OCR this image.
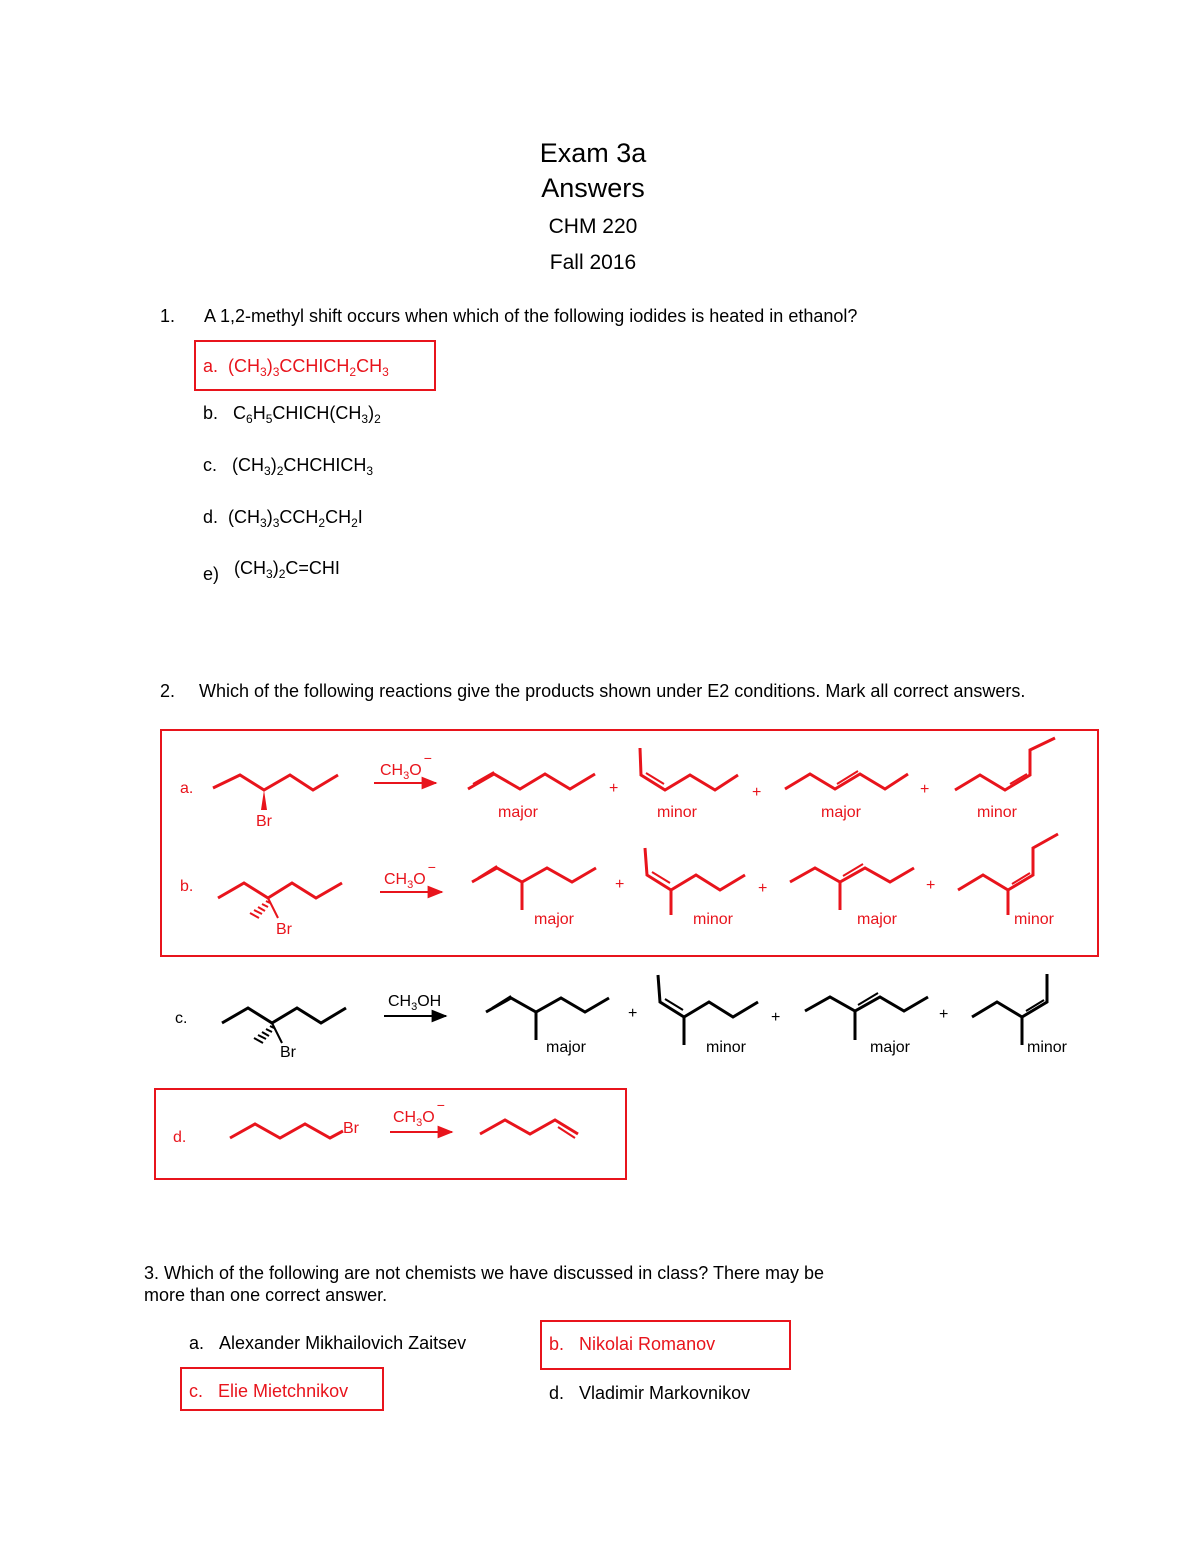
Exam 3a
Answers
CHM 220
Fall 2016
1. A 1,2-methyl shift occurs when which of the following iodides is heated in ethanol?
a. $(CH_3)_3CCHICH_2CH_3$
b. $C_6H_5CHICH(CH_3)_2$
c. $(CH_3)_2CHCHICH_3$
d. $(CH_3)_3CCH_2CH_2I$
e) $(CH_3)_2C=CHI$
2. Which of the following reactions give the products shown under E2 conditions. Mark all correct answers.
a.
Br
$CH_3O-$
major	minor	major	minor
+	+	+
b.
Br
$CH_3O-$
major	minor	major	minor
+	+	+
c.
Br
$CH_3OH$
major	minor	major	minor
+	+	+
d.
Br
$CH_3O-$
3. Which of the following are not chemists we have discussed in class? There may be
more than one correct answer.
a. Alexander Mikhailovich Zaitsev	b. Nikolai Romanov
c. Elie Mietchnikov	d. Vladimir Markovnikov
